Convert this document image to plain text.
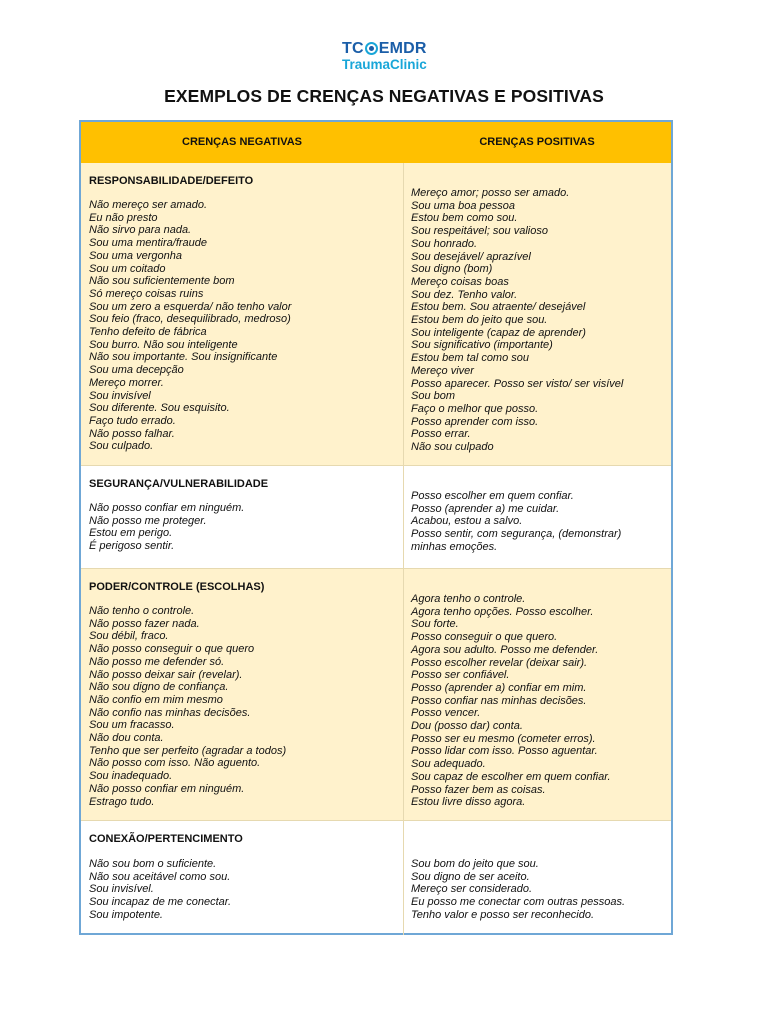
TC EMDR
TraumaClinic
EXEMPLOS DE CRENÇAS NEGATIVAS E POSITIVAS
CRENÇAS NEGATIVAS	CRENÇAS POSITIVAS
RESPONSABILIDADE/DEFEITO
Não mereço ser amado.
Eu não presto
Não sirvo para nada.
Sou uma mentira/fraude
Sou uma vergonha
Sou um coitado
Não sou suficientemente bom
Só mereço coisas ruins
Sou um zero a esquerda/ não tenho valor
Sou feio (fraco, desequilibrado, medroso)
Tenho defeito de fábrica
Sou burro. Não sou inteligente
Não sou importante. Sou insignificante
Sou uma decepção
Mereço morrer.
Sou invisível
Sou diferente. Sou esquisito.
Faço tudo errado.
Não posso falhar.
Sou culpado.
Mereço amor; posso ser amado.
Sou uma boa pessoa
Estou bem como sou.
Sou respeitável; sou valioso
Sou honrado.
Sou desejável/ aprazível
Sou digno (bom)
Mereço coisas boas
Sou dez. Tenho valor.
Estou bem. Sou atraente/ desejável
Estou bem do jeito que sou.
Sou inteligente (capaz de aprender)
Sou significativo (importante)
Estou bem tal como sou
Mereço viver
Posso aparecer. Posso ser visto/ ser visível
Sou bom
Faço o melhor que posso.
Posso aprender com isso.
Posso errar.
Não sou culpado
SEGURANÇA/VULNERABILIDADE
Não posso confiar em ninguém.
Não posso me proteger.
Estou em perigo.
É perigoso sentir.
Posso escolher em quem confiar.
Posso (aprender a) me cuidar.
Acabou, estou a salvo.
Posso sentir, com segurança, (demonstrar)
minhas emoções.
PODER/CONTROLE (ESCOLHAS)
Não tenho o controle.
Não posso fazer nada.
Sou débil, fraco.
Não posso conseguir o que quero
Não posso me defender só.
Não posso deixar sair (revelar).
Não sou digno de confiança.
Não confio em mim mesmo
Não confio nas minhas decisões.
Sou um fracasso.
Não dou conta.
Tenho que ser perfeito (agradar a todos)
Não posso com isso. Não aguento.
Sou inadequado.
Não posso confiar em ninguém.
Estrago tudo.
Agora tenho o controle.
Agora tenho opções. Posso escolher.
Sou forte.
Posso conseguir o que quero.
Agora sou adulto. Posso me defender.
Posso escolher revelar (deixar sair).
Posso ser confiável.
Posso (aprender a) confiar em mim.
Posso confiar nas minhas decisões.
Posso vencer.
Dou (posso dar) conta.
Posso ser eu mesmo (cometer erros).
Posso lidar com isso. Posso aguentar.
Sou adequado.
Sou capaz de escolher em quem confiar.
Posso fazer bem as coisas.
Estou livre disso agora.
CONEXÃO/PERTENCIMENTO
Não sou bom o suficiente.
Não sou aceitável como sou.
Sou invisível.
Sou incapaz de me conectar.
Sou impotente.
Sou bom do jeito que sou.
Sou digno de ser aceito.
Mereço ser considerado.
Eu posso me conectar com outras pessoas.
Tenho valor e posso ser reconhecido.
